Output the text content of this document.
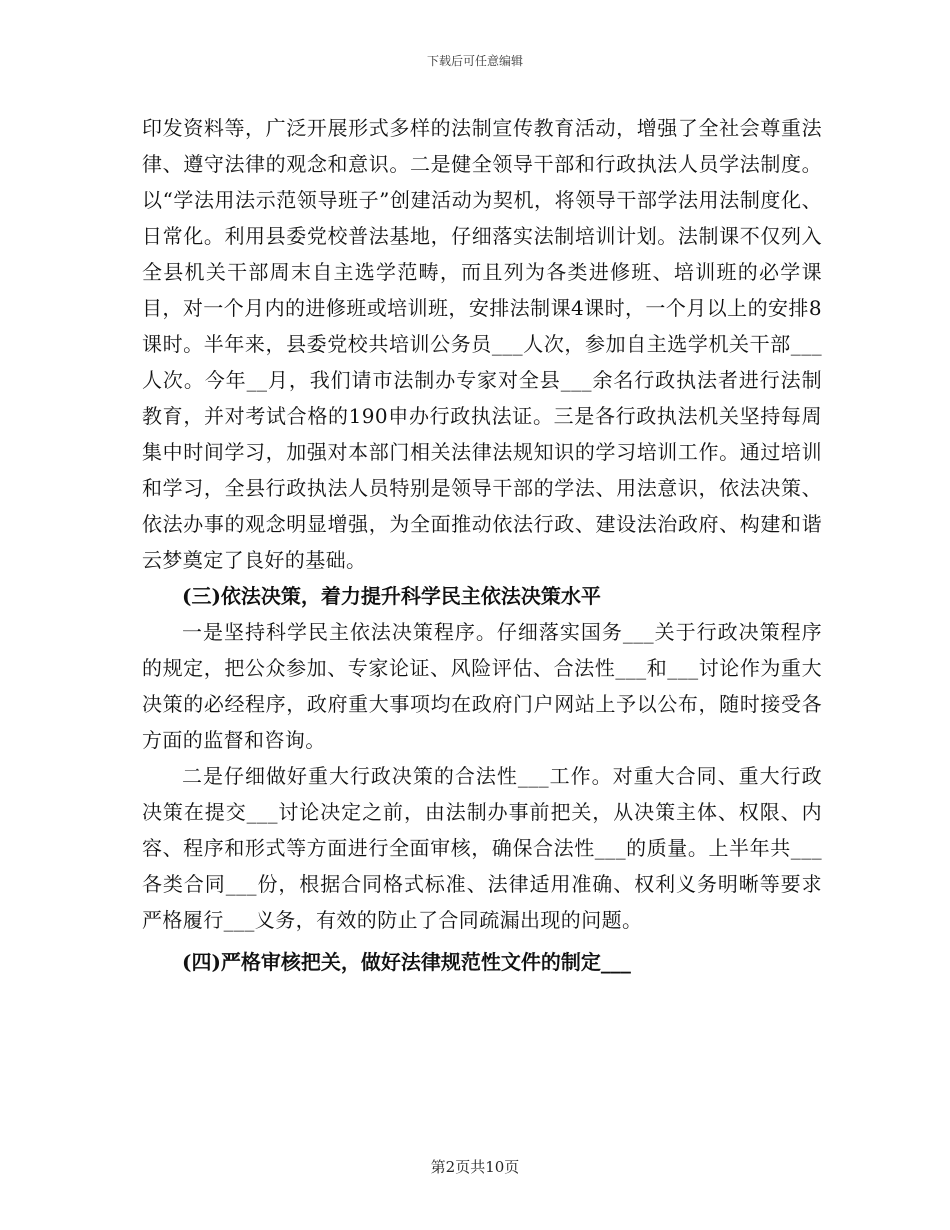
下载后可任意编辑

印发资料等，广泛开展形式多样的法制宣传教育活动，增强了全社会尊重法律、遵守法律的观念和意识。二是健全领导干部和行政执法人员学法制度。以“学法用法示范领导班子”创建活动为契机，将领导干部学法用法制度化、日常化。利用县委党校普法基地，仔细落实法制培训计划。法制课不仅列入全县机关干部周末自主选学范畴，而且列为各类进修班、培训班的必学课目，对一个月内的进修班或培训班，安排法制课4课时，一个月以上的安排8课时。半年来，县委党校共培训公务员___人次，参加自主选学机关干部___人次。今年__月，我们请市法制办专家对全县___余名行政执法者进行法制教育，并对考试合格的190申办行政执法证。三是各行政执法机关坚持每周集中时间学习，加强对本部门相关法律法规知识的学习培训工作。通过培训和学习，全县行政执法人员特别是领导干部的学法、用法意识，依法决策、依法办事的观念明显增强，为全面推动依法行政、建设法治政府、构建和谐云梦奠定了良好的基础。

(三)依法决策，着力提升科学民主依法决策水平

一是坚持科学民主依法决策程序。仔细落实国务___关于行政决策程序的规定，把公众参加、专家论证、风险评估、合法性___和___讨论作为重大决策的必经程序，政府重大事项均在政府门户网站上予以公布，随时接受各方面的监督和咨询。

二是仔细做好重大行政决策的合法性___工作。对重大合同、重大行政决策在提交___讨论决定之前，由法制办事前把关，从决策主体、权限、内容、程序和形式等方面进行全面审核，确保合法性___的质量。上半年共___各类合同___份，根据合同格式标准、法律适用准确、权利义务明晰等要求严格履行___义务，有效的防止了合同疏漏出现的问题。

(四)严格审核把关，做好法律规范性文件的制定___

第2页共10页
